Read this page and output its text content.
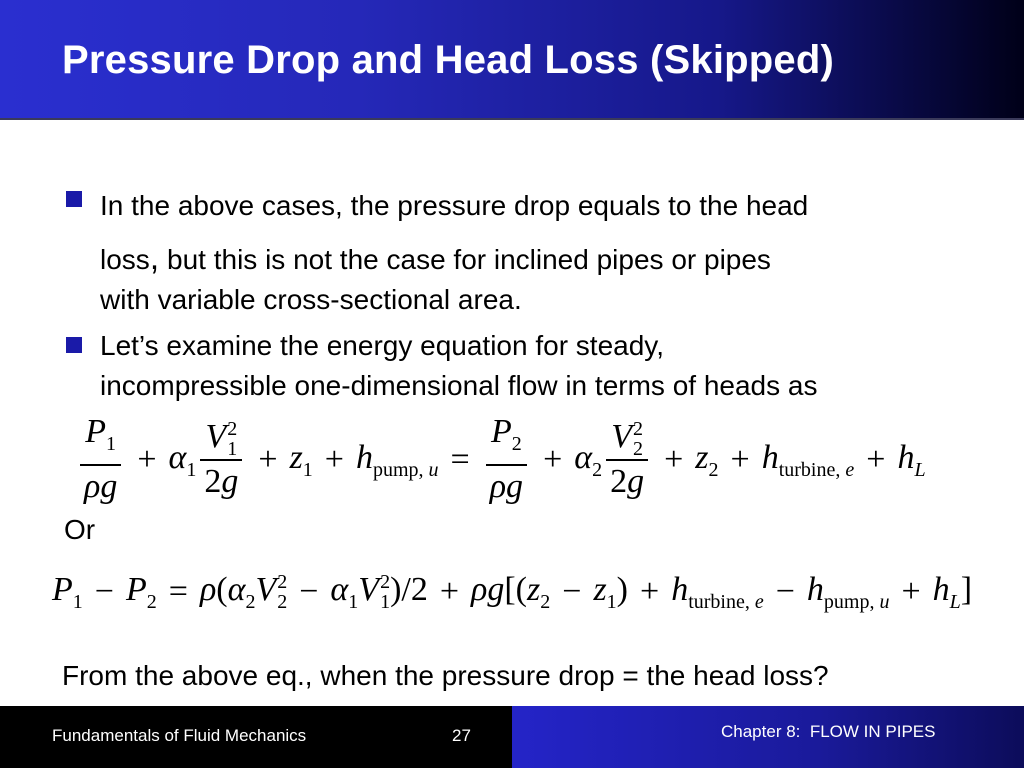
Pressure Drop and Head Loss (Skipped)
In the above cases, the pressure drop equals to the head
loss, but this is not the case for inclined pipes or pipes
with variable cross-sectional area.
Let’s examine the energy equation for steady,
incompressible one-dimensional flow in terms of heads as
$\frac{P_1}{\rho g} + \alpha_1$ V 2
1
$2g + z_1 + h_{pump, u} = \frac{P_2}{\rho g} + \alpha_2$ V 2
2
$2g + z_2 + h_{turbine, e} + h_L$
Or
$P_1 - P_2 = \rho(\alpha_2V$ 2
$2 - \alpha_1V$ 2
1 )$/2 + \rho g[(z_2 - z_1) + h_{turbine, e} - h_{pump, u} + h_L]$
From the above eq., when the pressure drop = the head loss?
Fundamentals of Fluid Mechanics	27	Chapter 8:  FLOW IN PIPES
